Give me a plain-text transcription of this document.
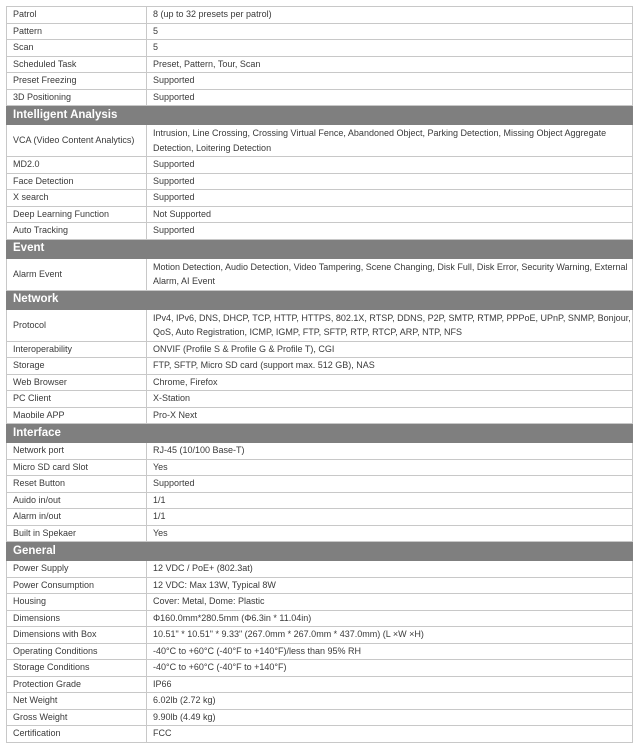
Patrol	8 (up to 32 presets per patrol)
Pattern	5
Scan	5
Scheduled Task	Preset, Pattern, Tour, Scan
Preset Freezing	Supported
3D Positioning	Supported
Intelligent Analysis	
VCA (Video Content Analytics)	Intrusion, Line Crossing, Crossing Virtual Fence, Abandoned Object, Parking Detection, Missing Object Aggregate Detection, Loitering Detection
MD2.0	Supported
Face Detection	Supported
X search	Supported
Deep Learning Function	Not Supported
Auto Tracking	Supported
Event	
Alarm Event	Motion Detection, Audio Detection, Video Tampering, Scene Changing, Disk Full, Disk Error, Security Warning, External Alarm, AI Event
Network	
Protocol	IPv4, IPv6, DNS, DHCP, TCP, HTTP, HTTPS, 802.1X, RTSP, DDNS, P2P, SMTP, RTMP, PPPoE, UPnP, SNMP, Bonjour, QoS, Auto Registration, ICMP, IGMP, FTP, SFTP, RTP, RTCP, ARP, NTP, NFS
Interoperability	ONVIF (Profile S & Profile G & Profile T), CGI
Storage	FTP, SFTP, Micro SD card (support max. 512 GB), NAS
Web Browser	Chrome, Firefox
PC Client	X-Station
Maobile APP	Pro-X Next
Interface	
Network port	RJ-45 (10/100 Base-T)
Micro SD card Slot	Yes
Reset Button	Supported
Auido in/out	1/1
Alarm in/out	1/1
Built in Spekaer	Yes
General	
Power Supply	12 VDC / PoE+ (802.3at)
Power Consumption	12 VDC: Max 13W, Typical 8W
Housing	Cover: Metal, Dome: Plastic
Dimensions	Φ160.0mm*280.5mm (Φ6.3in * 11.04in)
Dimensions with Box	10.51" * 10.51" * 9.33" (267.0mm * 267.0mm * 437.0mm) (L ×W ×H)
Operating Conditions	-40°C to +60°C (-40°F to +140°F)/less than 95% RH
Storage Conditions	-40°C to +60°C (-40°F to +140°F)
Protection Grade	IP66
Net Weight	6.02lb (2.72 kg)
Gross Weight	9.90lb (4.49 kg)
Certification	FCC
